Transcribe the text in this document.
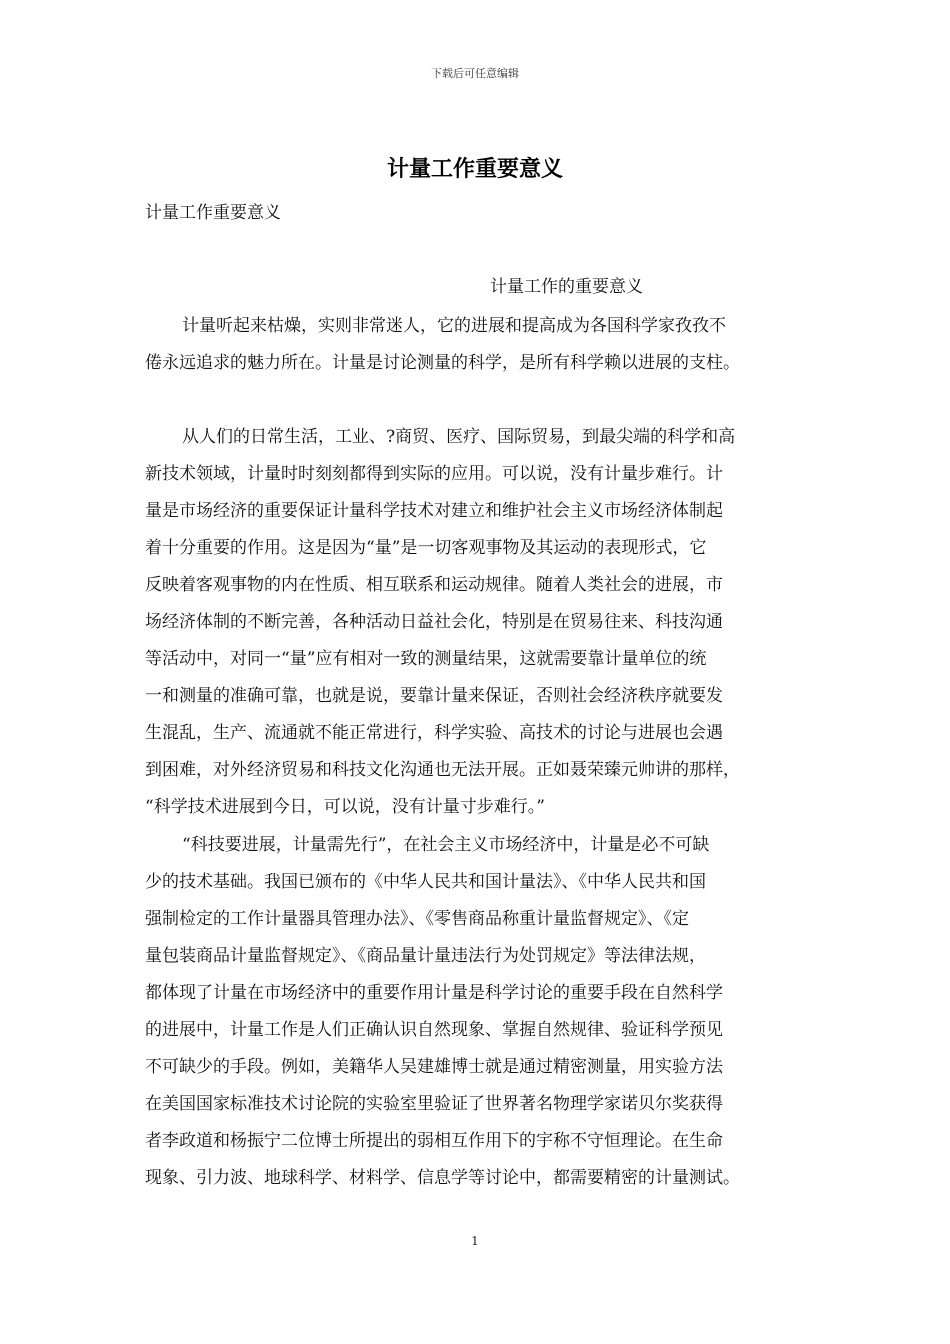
下载后可任意编辑
计量工作重要意义
计量工作重要意义
计量工作的重要意义
计量听起来枯燥，实则非常迷人，它的进展和提高成为各国科学家孜孜不
倦永远追求的魅力所在。计量是讨论测量的科学，是所有科学赖以进展的支柱。
从人们的日常生活，工业、?商贸、医疗、国际贸易，到最尖端的科学和高
新技术领域，计量时时刻刻都得到实际的应用。可以说，没有计量步难行。计
量是市场经济的重要保证计量科学技术对建立和维护社会主义市场经济体制起
着十分重要的作用。这是因为“量”是一切客观事物及其运动的表现形式，它
反映着客观事物的内在性质、相互联系和运动规律。随着人类社会的进展，市
场经济体制的不断完善，各种活动日益社会化，特别是在贸易往来、科技沟通
等活动中，对同一“量”应有相对一致的测量结果，这就需要靠计量单位的统
一和测量的准确可靠，也就是说，要靠计量来保证，否则社会经济秩序就要发
生混乱，生产、流通就不能正常进行，科学实验、高技术的讨论与进展也会遇
到困难，对外经济贸易和科技文化沟通也无法开展。正如聂荣臻元帅讲的那样，
“科学技术进展到今日，可以说，没有计量寸步难行。”
“科技要进展，计量需先行”，在社会主义市场经济中，计量是必不可缺
少的技术基础。我国已颁布的《中华人民共和国计量法》、《中华人民共和国
强制检定的工作计量器具管理办法》、《零售商品称重计量监督规定》、《定
量包装商品计量监督规定》、《商品量计量违法行为处罚规定》等法律法规，
都体现了计量在市场经济中的重要作用计量是科学讨论的重要手段在自然科学
的进展中，计量工作是人们正确认识自然现象、掌握自然规律、验证科学预见
不可缺少的手段。例如，美籍华人吴建雄博士就是通过精密测量，用实验方法
在美国国家标准技术讨论院的实验室里验证了世界著名物理学家诺贝尔奖获得
者李政道和杨振宁二位博士所提出的弱相互作用下的宇称不守恒理论。在生命
现象、引力波、地球科学、材料学、信息学等讨论中，都需要精密的计量测试。
1
